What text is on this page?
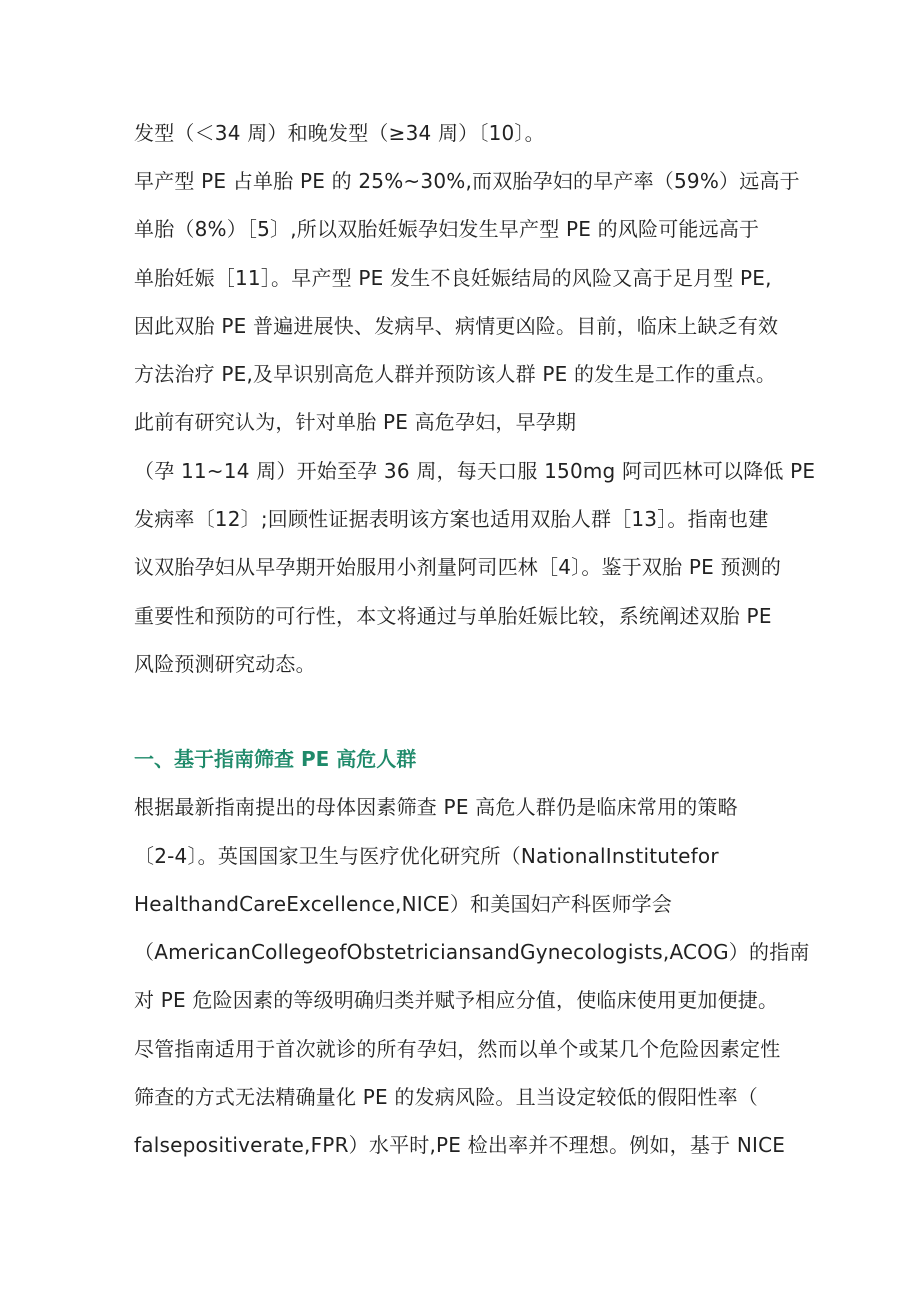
发型（＜34 周）和晚发型（≥34 周）〔10〕。
早产型 PE 占单胎 PE 的 25%~30%,而双胎孕妇的早产率（59%）远高于
单胎（8%）［5〕,所以双胎妊娠孕妇发生早产型 PE 的风险可能远高于
单胎妊娠［11］。早产型 PE 发生不良妊娠结局的风险又高于足月型 PE,
因此双胎 PE 普遍进展快、发病早、病情更凶险。目前，临床上缺乏有效
方法治疗 PE,及早识别高危人群并预防该人群 PE 的发生是工作的重点。
此前有研究认为，针对单胎 PE 高危孕妇，早孕期
（孕 11~14 周）开始至孕 36 周，每天口服 150mg 阿司匹林可以降低 PE
发病率〔12〕;回顾性证据表明该方案也适用双胎人群［13］。指南也建
议双胎孕妇从早孕期开始服用小剂量阿司匹林［4〕。鉴于双胎 PE 预测的
重要性和预防的可行性，本文将通过与单胎妊娠比较，系统阐述双胎 PE
风险预测研究动态。
一、基于指南筛查 PE 高危人群
根据最新指南提出的母体因素筛查 PE 高危人群仍是临床常用的策略
〔2-4〕。英国国家卫生与医疗优化研究所（NationalInstitutefor
HealthandCareExcellence,NICE）和美国妇产科医师学会
（AmericanCollegeofObstetriciansandGynecologists,ACOG）的指南
对 PE 危险因素的等级明确归类并赋予相应分值，使临床使用更加便捷。
尽管指南适用于首次就诊的所有孕妇，然而以单个或某几个危险因素定性
筛查的方式无法精确量化 PE 的发病风险。且当设定较低的假阳性率（
falsepositiverate,FPR）水平时,PE 检出率并不理想。例如，基于 NICE
